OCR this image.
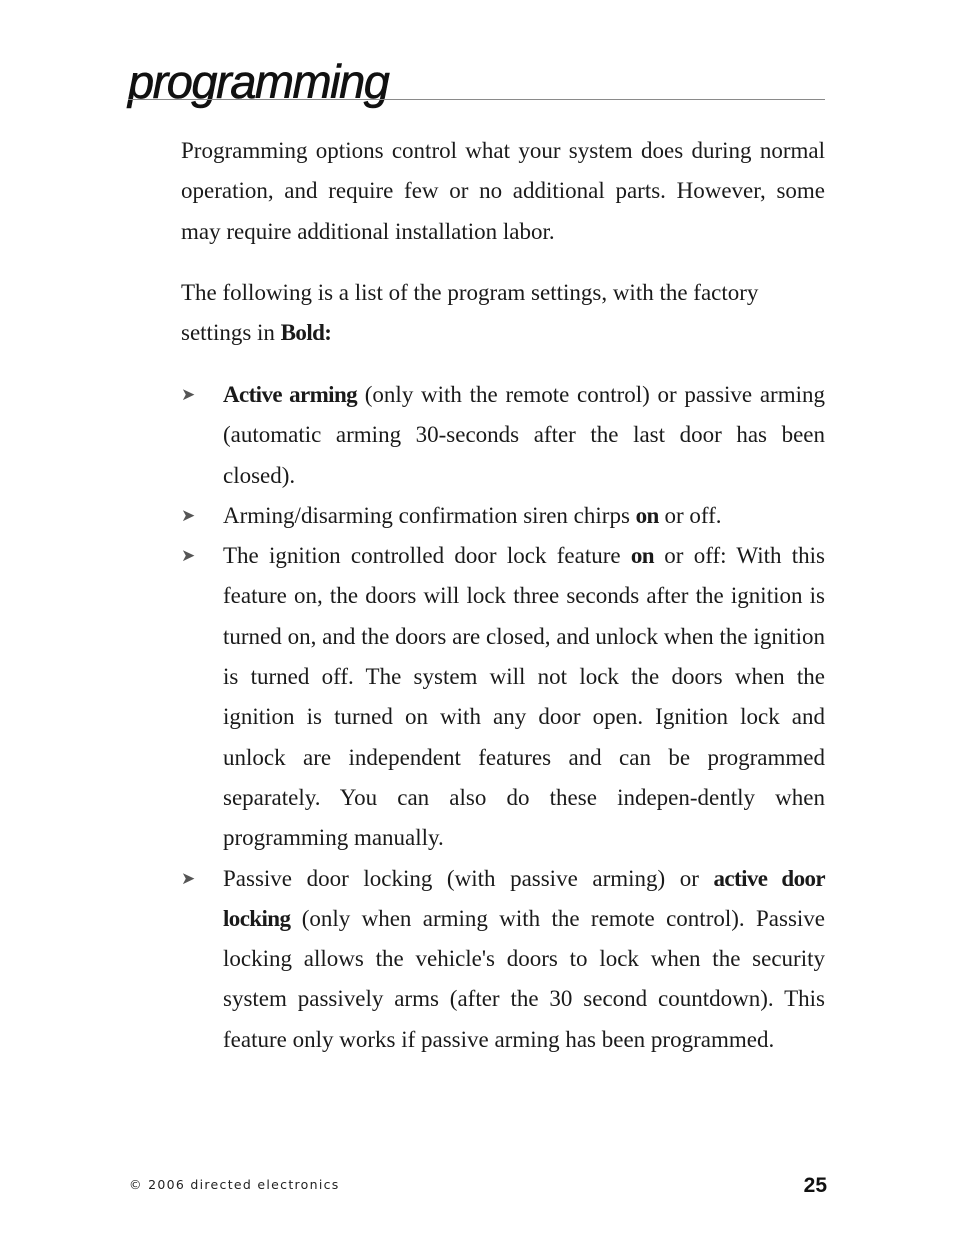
programming

Programming options control what your system does during normal operation, and require few or no additional parts. However, some may require additional installation labor.

The following is a list of the program settings, with the factory settings in Bold:

➤ Active arming (only with the remote control) or passive arming (automatic arming 30-seconds after the last door has been closed).
➤ Arming/disarming confirmation siren chirps on or off.
➤ The ignition controlled door lock feature on or off: With this feature on, the doors will lock three seconds after the ignition is turned on, and the doors are closed, and unlock when the ignition is turned off. The system will not lock the doors when the ignition is turned on with any door open. Ignition lock and unlock are independent features and can be programmed separately. You can also do these indepen-dently when programming manually.
➤ Passive door locking (with passive arming) or active door locking (only when arming with the remote control). Passive locking allows the vehicle's doors to lock when the security system passively arms (after the 30 second countdown). This feature only works if passive arming has been programmed.
© 2006 directed electronics	25
